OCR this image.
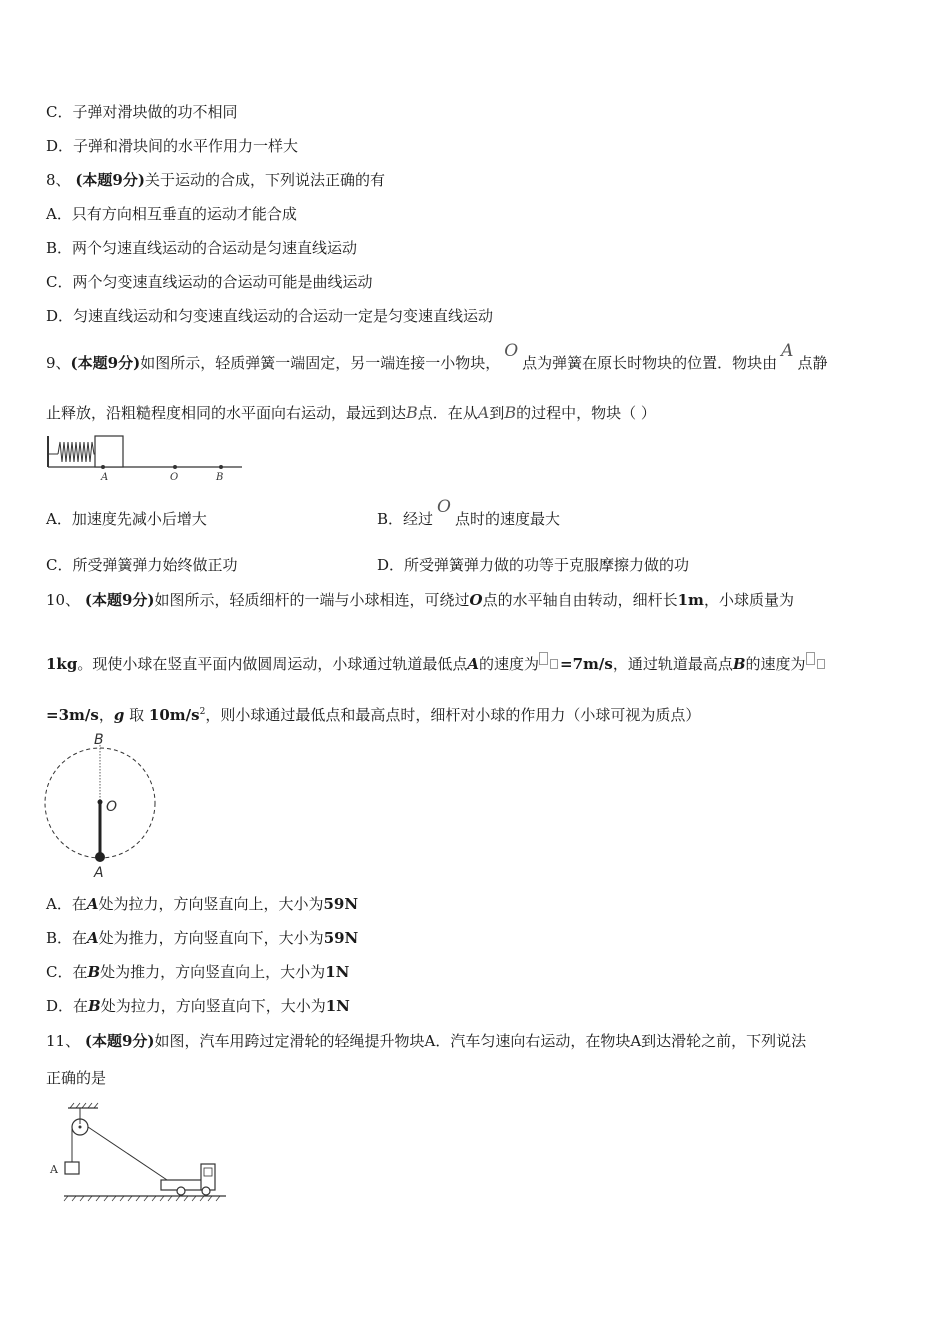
C．子弹对滑块做的功不相同
D．子弹和滑块间的水平作用力一样大
8、 (本题9分)关于运动的合成，下列说法正确的有
A．只有方向相互垂直的运动才能合成
B．两个匀速直线运动的合运动是匀速直线运动
C．两个匀变速直线运动的合运动可能是曲线运动
D．匀速直线运动和匀变速直线运动的合运动一定是匀变速直线运动
9、(本题9分)如图所示，轻质弹簧一端固定，另一端连接一小物块，O点为弹簧在原长时物块的位置．物块由A点静
止释放，沿粗糙程度相同的水平面向右运动，最远到达B点．在从A到B的过程中，物块（ ）
A	O	B
A．加速度先减小后增大	B．经过O点时的速度最大
C．所受弹簧弹力始终做正功	D．所受弹簧弹力做的功等于克服摩擦力做的功
10、 (本题9分)如图所示，轻质细杆的一端与小球相连，可绕过O点的水平轴自由转动，细杆长1m，小球质量为
1kg。现使小球在竖直平面内做圆周运动，小球通过轨道最低点A的速度为 =7m/s，通过轨道最高点B的速度为
=3m/s，g 取 $10m/s^2$，则小球通过最低点和最高点时，细杆对小球的作用力（小球可视为质点）
B
O
A
A．在A处为拉力，方向竖直向上，大小为59N
B．在A处为推力，方向竖直向下，大小为59N
C．在B处为推力，方向竖直向上，大小为1N
D．在B处为拉力，方向竖直向下，大小为1N
11、 (本题9分)如图，汽车用跨过定滑轮的轻绳提升物块A．汽车匀速向右运动，在物块A到达滑轮之前，下列说法
正确的是
A
